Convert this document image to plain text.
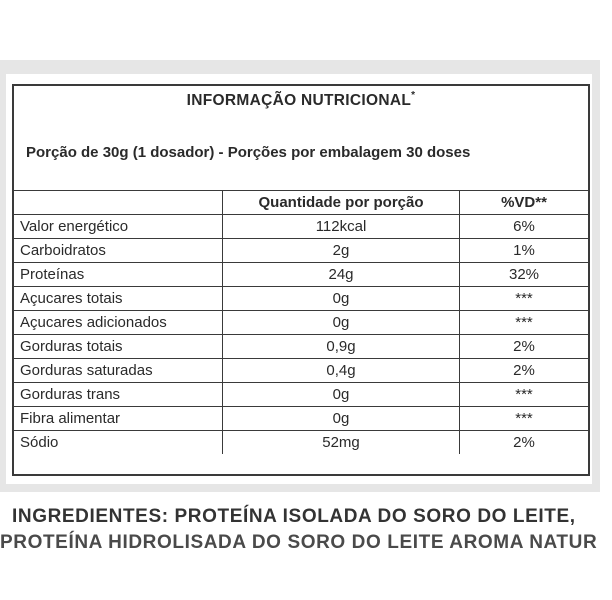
INFORMAÇÃO NUTRICIONAL*
Porção de 30g (1 dosador) - Porções por embalagem 30 doses
	Quantidade por porção	%VD**
Valor energético	112kcal	6%
Carboidratos	2g	1%
Proteínas	24g	32%
Açucares totais	0g	***
Açucares adicionados	0g	***
Gorduras totais	0,9g	2%
Gorduras saturadas	0,4g	2%
Gorduras trans	0g	***
Fibra alimentar	0g	***
Sódio	52mg	2%
INGREDIENTES: PROTEÍNA ISOLADA DO SORO DO LEITE,
PROTEÍNA HIDROLISADA DO SORO DO LEITE AROMA NATUR
